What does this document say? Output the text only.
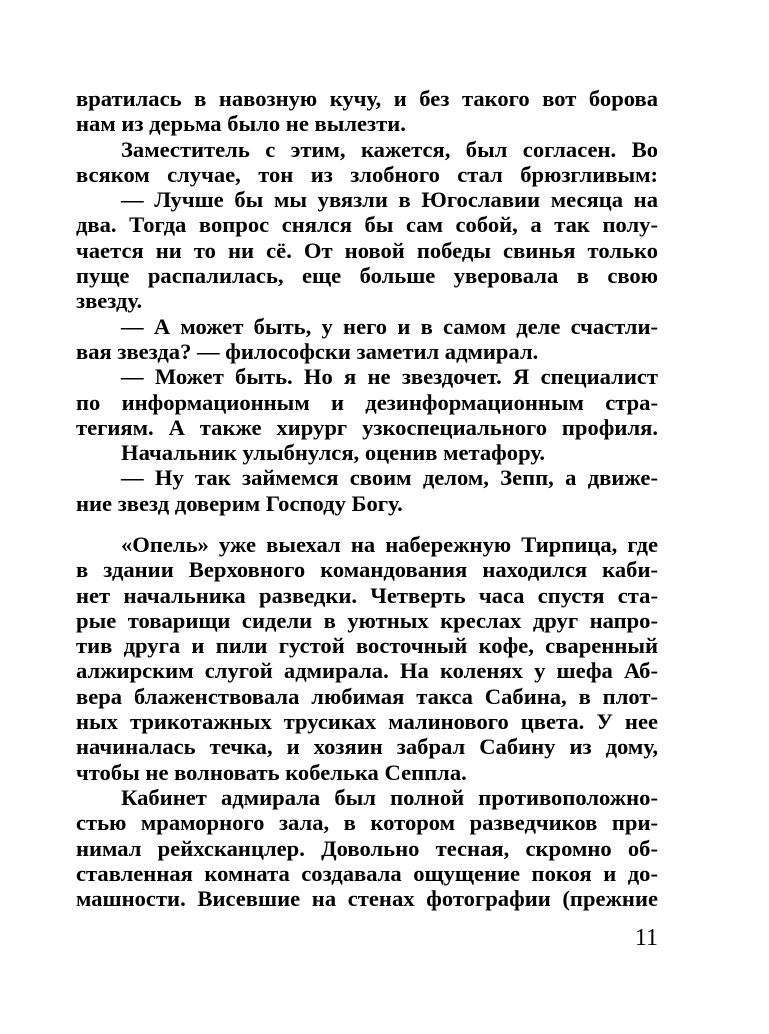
вратилась в навозную кучу, и без такого вот борова
нам из дерьма было не вылезти.
Заместитель с этим, кажется, был согласен. Во
всяком случае, тон из злобного стал брюзгливым:
— Лучше бы мы увязли в Югославии месяца на
два. Тогда вопрос снялся бы сам собой, а так полу-
чается ни то ни сё. От новой победы свинья только
пуще распалилась, еще больше уверовала в свою
звезду.
— А может быть, у него и в самом деле счастли-
вая звезда? — философски заметил адмирал.
— Может быть. Но я не звездочет. Я специалист
по информационным и дезинформационным стра-
тегиям. А также хирург узкоспециального профиля.
Начальник улыбнулся, оценив метафору.
— Ну так займемся своим делом, Зепп, а движе-
ние звезд доверим Господу Богу.
«Опель» уже выехал на набережную Тирпица, где
в здании Верховного командования находился каби-
нет начальника разведки. Четверть часа спустя ста-
рые товарищи сидели в уютных креслах друг напро-
тив друга и пили густой восточный кофе, сваренный
алжирским слугой адмирала. На коленях у шефа Аб-
вера блаженствовала любимая такса Сабина, в плот-
ных трикотажных трусиках малинового цвета. У нее
начиналась течка, и хозяин забрал Сабину из дому,
чтобы не волновать кобелька Сепплa.
Кабинет адмирала был полной противоположно-
стью мраморного зала, в котором разведчиков при-
нимал рейхсканцлер. Довольно тесная, скромно об-
ставленная комната создавала ощущение покоя и до-
машности. Висевшие на стенах фотографии (прежние
11
